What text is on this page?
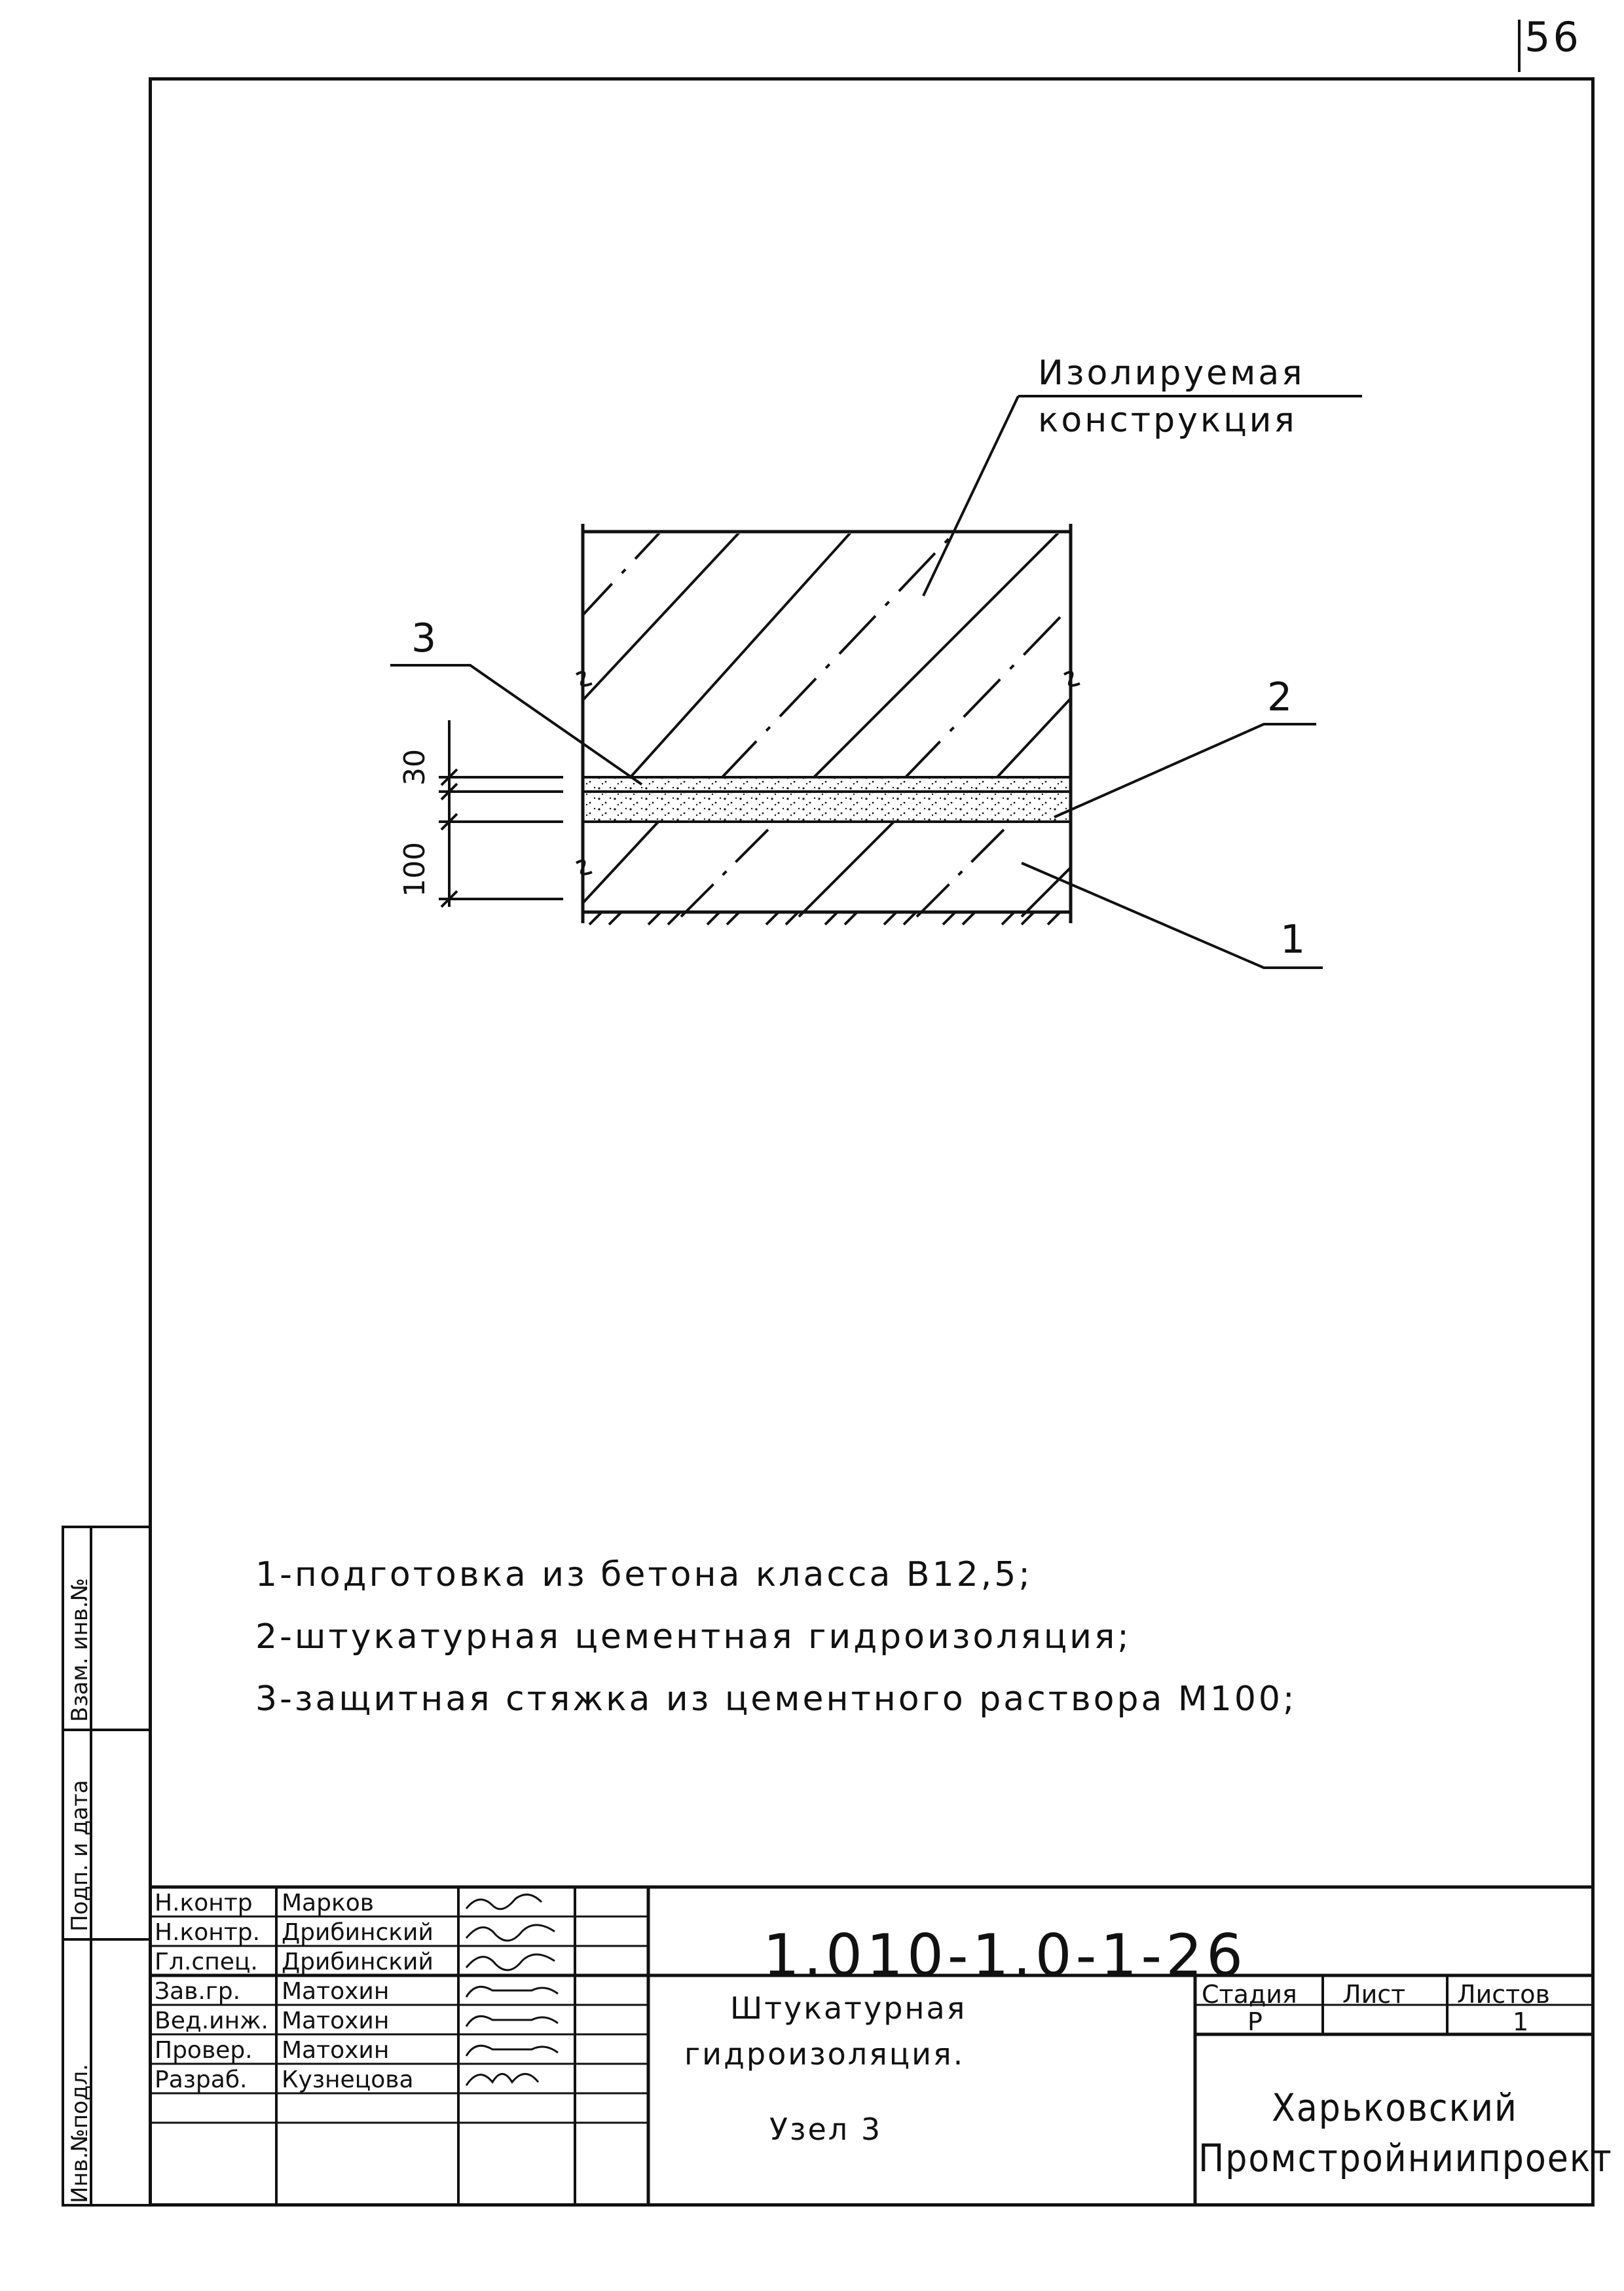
56
Взам. инв.№
Подп. и дата
Инв.№подл.
Изолируемая
конструкция
3
2
1
30
100
1-подготовка из бетона класса В12,5;
2-штукатурная цементная гидроизоляция;
3-защитная стяжка из цементного раствора М100;
Н.контр Марков
Н.контр. Дрибинский
Гл.спец. Дрибинский
Зав.гр. Матохин
Вед.инж. Матохин
Провер. Матохин
Разраб. Кузнецова
1.010-1.0-1-26
Штукатурная
гидроизоляция.
Узел 3
Стадия Лист Листов
Р	1
Харьковский
Промстройниипроект
